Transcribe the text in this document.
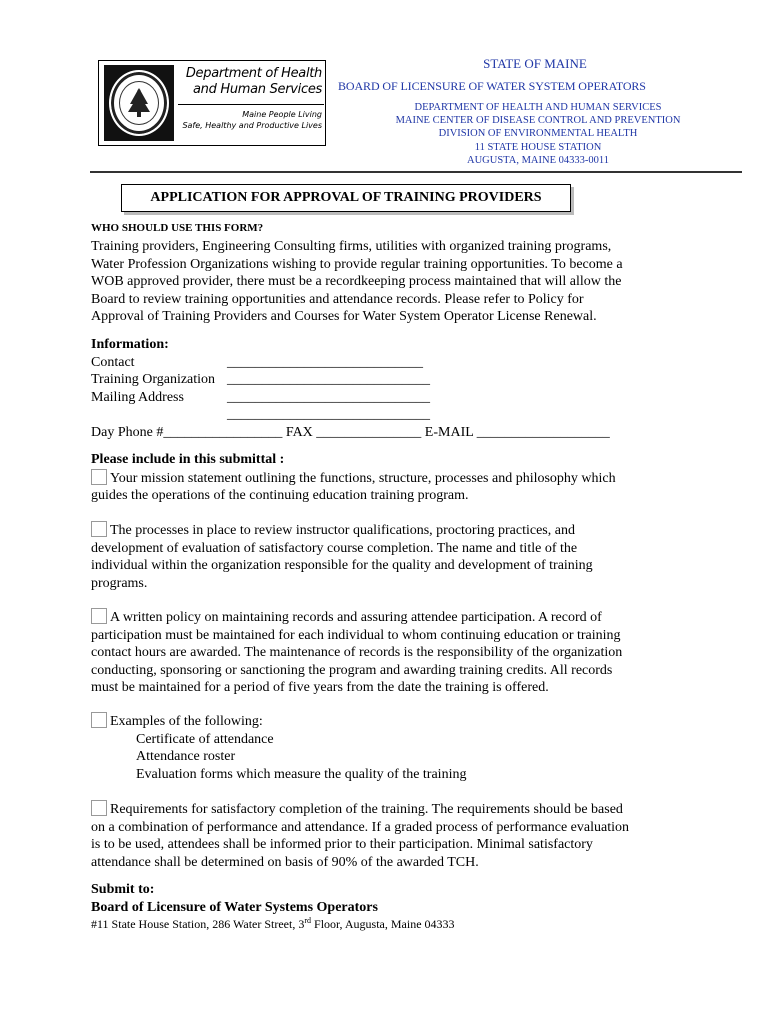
Department of Health
and Human Services
Maine People Living
Safe, Healthy and Productive Lives
STATE OF MAINE
BOARD OF LICENSURE OF WATER SYSTEM OPERATORS
DEPARTMENT OF HEALTH AND HUMAN SERVICES
MAINE CENTER OF DISEASE CONTROL AND PREVENTION
DIVISION OF ENVIRONMENTAL HEALTH
11 STATE HOUSE STATION
AUGUSTA, MAINE 04333-0011
APPLICATION FOR APPROVAL OF TRAINING PROVIDERS
WHO SHOULD USE THIS FORM?
Training providers, Engineering Consulting firms, utilities with organized training programs,
Water Profession Organizations wishing to provide regular training opportunities. To become a
WOB approved provider, there must be a recordkeeping process maintained that will allow the
Board to review training opportunities and attendance records. Please refer to Policy for
Approval of Training Providers and Courses for Water System Operator License Renewal.
Information:
Contact	____________________________
Training Organization _____________________________
Mailing Address	_____________________________
_____________________________
Day Phone #_________________ FAX _______________ E-MAIL ___________________
Please include in this submittal :
Your mission statement outlining the functions, structure, processes and philosophy which
guides the operations of the continuing education training program.
The processes in place to review instructor qualifications, proctoring practices, and
development of evaluation of satisfactory course completion. The name and title of the
individual within the organization responsible for the quality and development of training
programs.
A written policy on maintaining records and assuring attendee participation. A record of
participation must be maintained for each individual to whom continuing education or training
contact hours are awarded. The maintenance of records is the responsibility of the organization
conducting, sponsoring or sanctioning the program and awarding training credits. All records
must be maintained for a period of five years from the date the training is offered.
Examples of the following:
Certificate of attendance
Attendance roster
Evaluation forms which measure the quality of the training
Requirements for satisfactory completion of the training. The requirements should be based
on a combination of performance and attendance. If a graded process of performance evaluation
is to be used, attendees shall be informed prior to their participation. Minimal satisfactory
attendance shall be determined on basis of 90% of the awarded TCH.
Submit to:
Board of Licensure of Water Systems Operators
#11 State House Station, 286 Water Street, 3rd Floor, Augusta, Maine 04333
